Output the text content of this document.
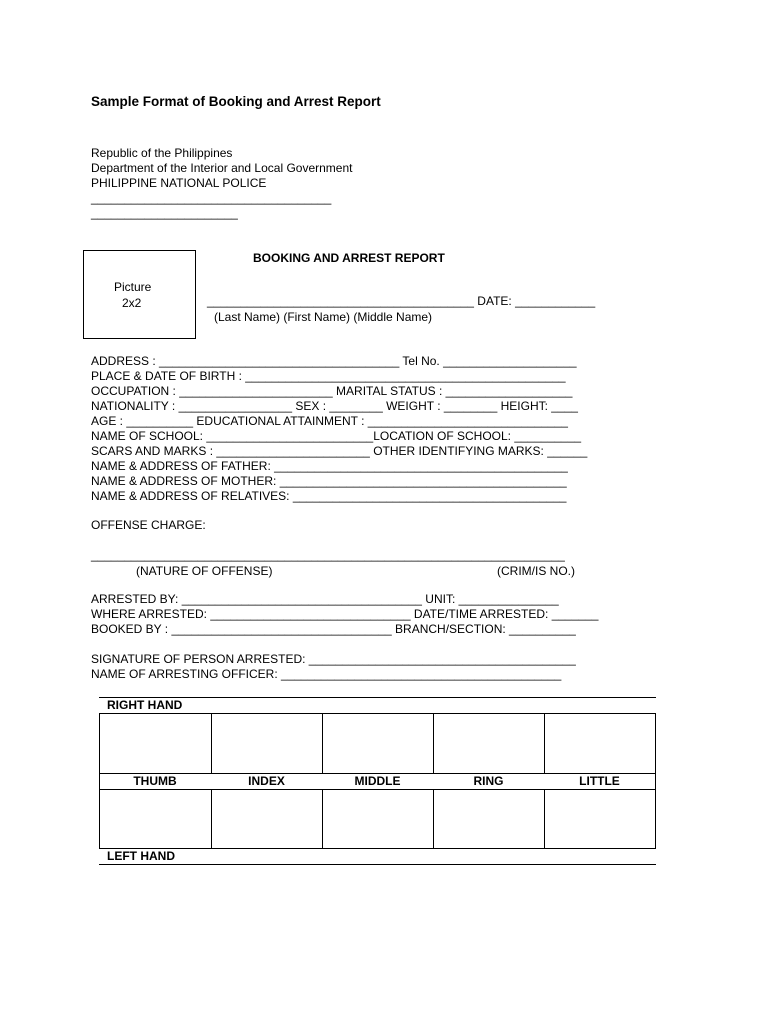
Sample Format of Booking and Arrest Report
Republic of the Philippines
Department of the Interior and Local Government
PHILIPPINE NATIONAL POLICE
____________________________________
______________________
Picture
2x2
BOOKING AND ARREST REPORT
________________________________________ DATE: ____________
(Last Name) (First Name) (Middle Name)
ADDRESS : ____________________________________ Tel No. ____________________
PLACE & DATE OF BIRTH : ________________________________________________
OCCUPATION : _______________________ MARITAL STATUS : ___________________
NATIONALITY : _________________ SEX : ________ WEIGHT : ________ HEIGHT: ____
AGE : __________ EDUCATIONAL ATTAINMENT : ______________________________
NAME OF SCHOOL: _________________________LOCATION OF SCHOOL: __________
SCARS AND MARKS : _______________________ OTHER IDENTIFYING MARKS: ______
NAME & ADDRESS OF FATHER: ____________________________________________
NAME & ADDRESS OF MOTHER: ___________________________________________
NAME & ADDRESS OF RELATIVES: _________________________________________
OFFENSE CHARGE:
_______________________________________________________________________
(NATURE OF OFFENSE)	(CRIM/IS NO.)
ARRESTED BY: ____________________________________ UNIT: _______________
WHERE ARRESTED: ______________________________ DATE/TIME ARRESTED: _______
BOOKED BY : _________________________________ BRANCH/SECTION: __________
SIGNATURE OF PERSON ARRESTED: ________________________________________
NAME OF ARRESTING OFFICER: __________________________________________
RIGHT HAND
THUMB	INDEX	MIDDLE	RING	LITTLE
LEFT HAND
